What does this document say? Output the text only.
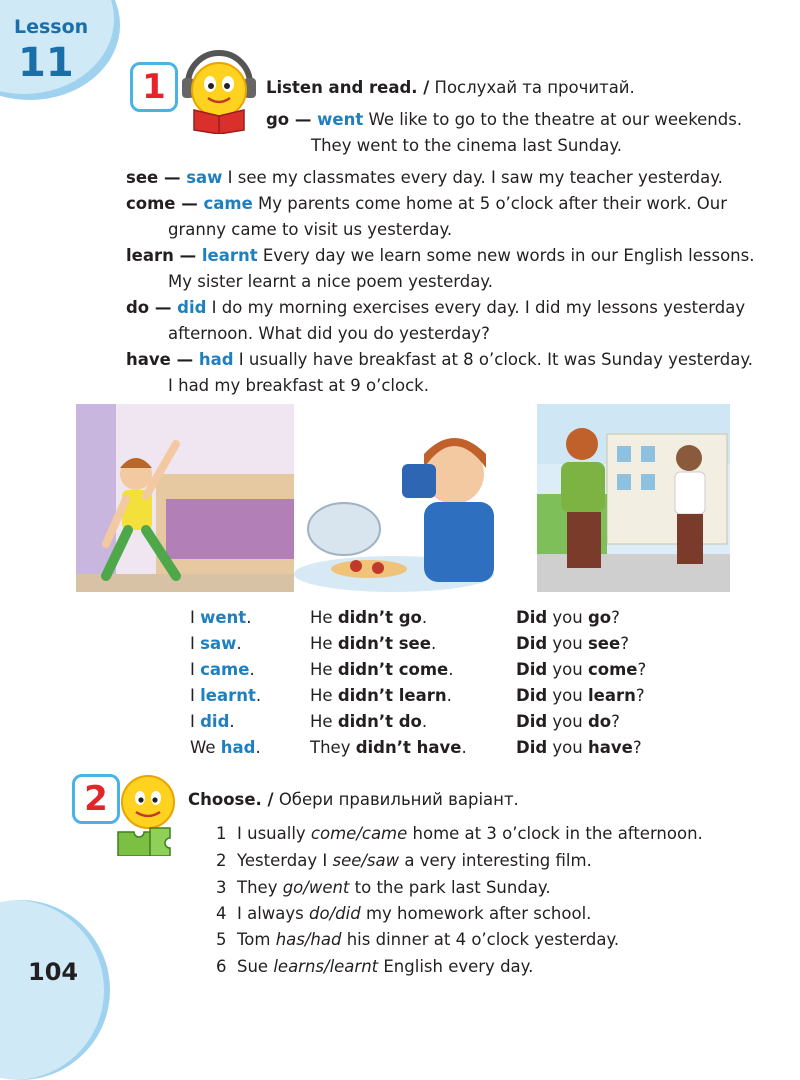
Lesson
11
1	Listen and read. / Послухай та прочитай.
go — went We like to go to the theatre at our weekends.
They went to the cinema last Sunday.
see — saw I see my classmates every day. I saw my teacher yesterday.
come — came My parents come home at 5 o’clock after their work. Our
granny came to visit us yesterday.
learn — learnt Every day we learn some new words in our English lessons.
My sister learnt a nice poem yesterday.
do — did I do my morning exercises every day. I did my lessons yesterday
afternoon. What did you do yesterday?
have — had I usually have breakfast at 8 o’clock. It was Sunday yesterday.
I had my breakfast at 9 o’clock.
I went.
I saw.
I came.
I learnt.
I did.
We had.
He didn’t go.
He didn’t see.
He didn’t come.
He didn’t learn.
He didn’t do.
They didn’t have.
Did you go?
Did you see?
Did you come?
Did you learn?
Did you do?
Did you have?
2	Choose. / Обери правильний варіант.
1 I usually come/came home at 3 o’clock in the afternoon.
2 Yesterday I see/saw a very interesting film.
3 They go/went to the park last Sunday.
4 I always do/did my homework after school.
5 Tom has/had his dinner at 4 o’clock yesterday.
6 Sue learns/learnt English every day.
104
